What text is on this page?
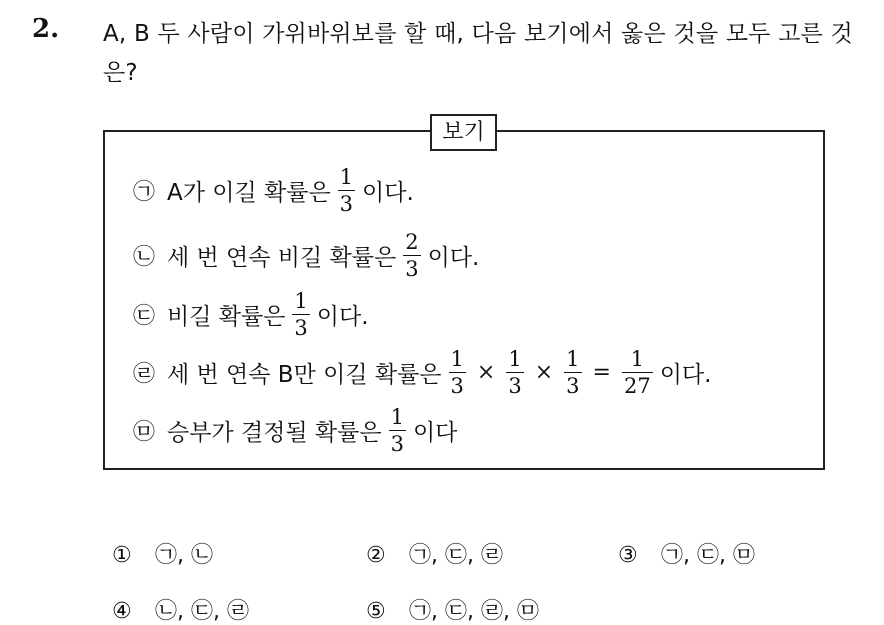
2. A, B 두 사람이 가위바위보를 할 때, 다음 보기에서 옳은 것을 모두 고른 것은?
보기
㉠ A가 이길 확률은 $\frac{1}{3}$ 이다.
㉡ 세 번 연속 비길 확률은 $\frac{2}{3}$ 이다.
㉢ 비길 확률은 $\frac{1}{3}$ 이다.
㉣ 세 번 연속 B만 이길 확률은 $\frac{1}{3} \times \frac{1}{3} \times \frac{1}{3} = \frac{1}{27}$ 이다.
㉤ 승부가 결정될 확률은 $\frac{1}{3}$ 이다
① ㉠, ㉡	② ㉠, ㉢, ㉣	③ ㉠, ㉢, ㉤
④ ㉡, ㉢, ㉣	⑤ ㉠, ㉢, ㉣, ㉤
